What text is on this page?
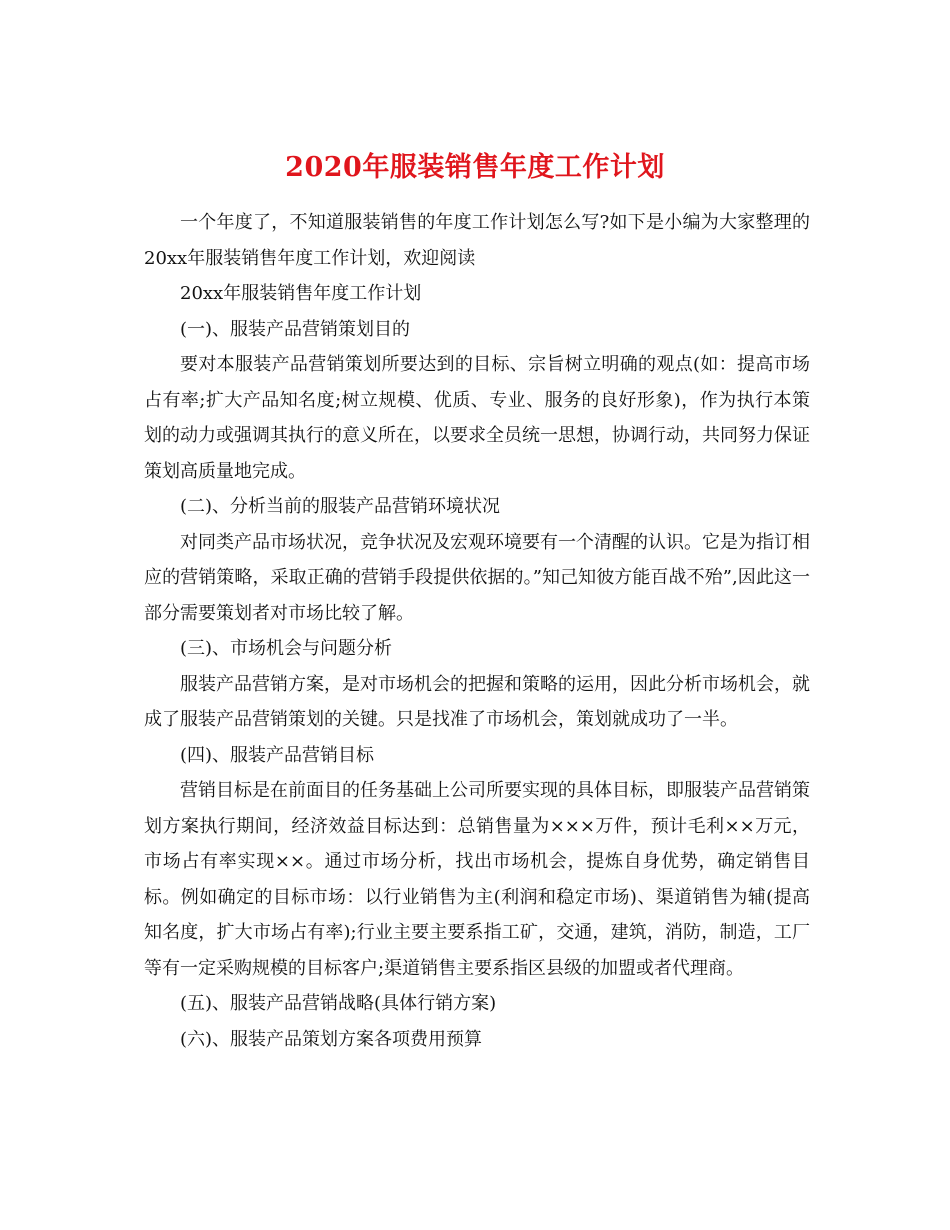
2020年服装销售年度工作计划

一个年度了，不知道服装销售的年度工作计划怎么写?如下是小编为大家整理的20xx年服装销售年度工作计划，欢迎阅读

20xx年服装销售年度工作计划

(一)、服装产品营销策划目的

要对本服装产品营销策划所要达到的目标、宗旨树立明确的观点(如：提高市场占有率;扩大产品知名度;树立规模、优质、专业、服务的良好形象)，作为执行本策划的动力或强调其执行的意义所在，以要求全员统一思想，协调行动，共同努力保证策划高质量地完成。

(二)、分析当前的服装产品营销环境状况

对同类产品市场状况，竞争状况及宏观环境要有一个清醒的认识。它是为指订相应的营销策略，采取正确的营销手段提供依据的。”知己知彼方能百战不殆”,因此这一部分需要策划者对市场比较了解。

(三)、市场机会与问题分析

服装产品营销方案，是对市场机会的把握和策略的运用，因此分析市场机会，就成了服装产品营销策划的关键。只是找准了市场机会，策划就成功了一半。

(四)、服装产品营销目标

营销目标是在前面目的任务基础上公司所要实现的具体目标，即服装产品营销策划方案执行期间，经济效益目标达到：总销售量为×××万件，预计毛利××万元，市场占有率实现××。通过市场分析，找出市场机会，提炼自身优势，确定销售目标。例如确定的目标市场：以行业销售为主(利润和稳定市场)、渠道销售为辅(提高知名度，扩大市场占有率);行业主要主要系指工矿，交通，建筑，消防，制造，工厂等有一定采购规模的目标客户;渠道销售主要系指区县级的加盟或者代理商。

(五)、服装产品营销战略(具体行销方案)

(六)、服装产品策划方案各项费用预算
